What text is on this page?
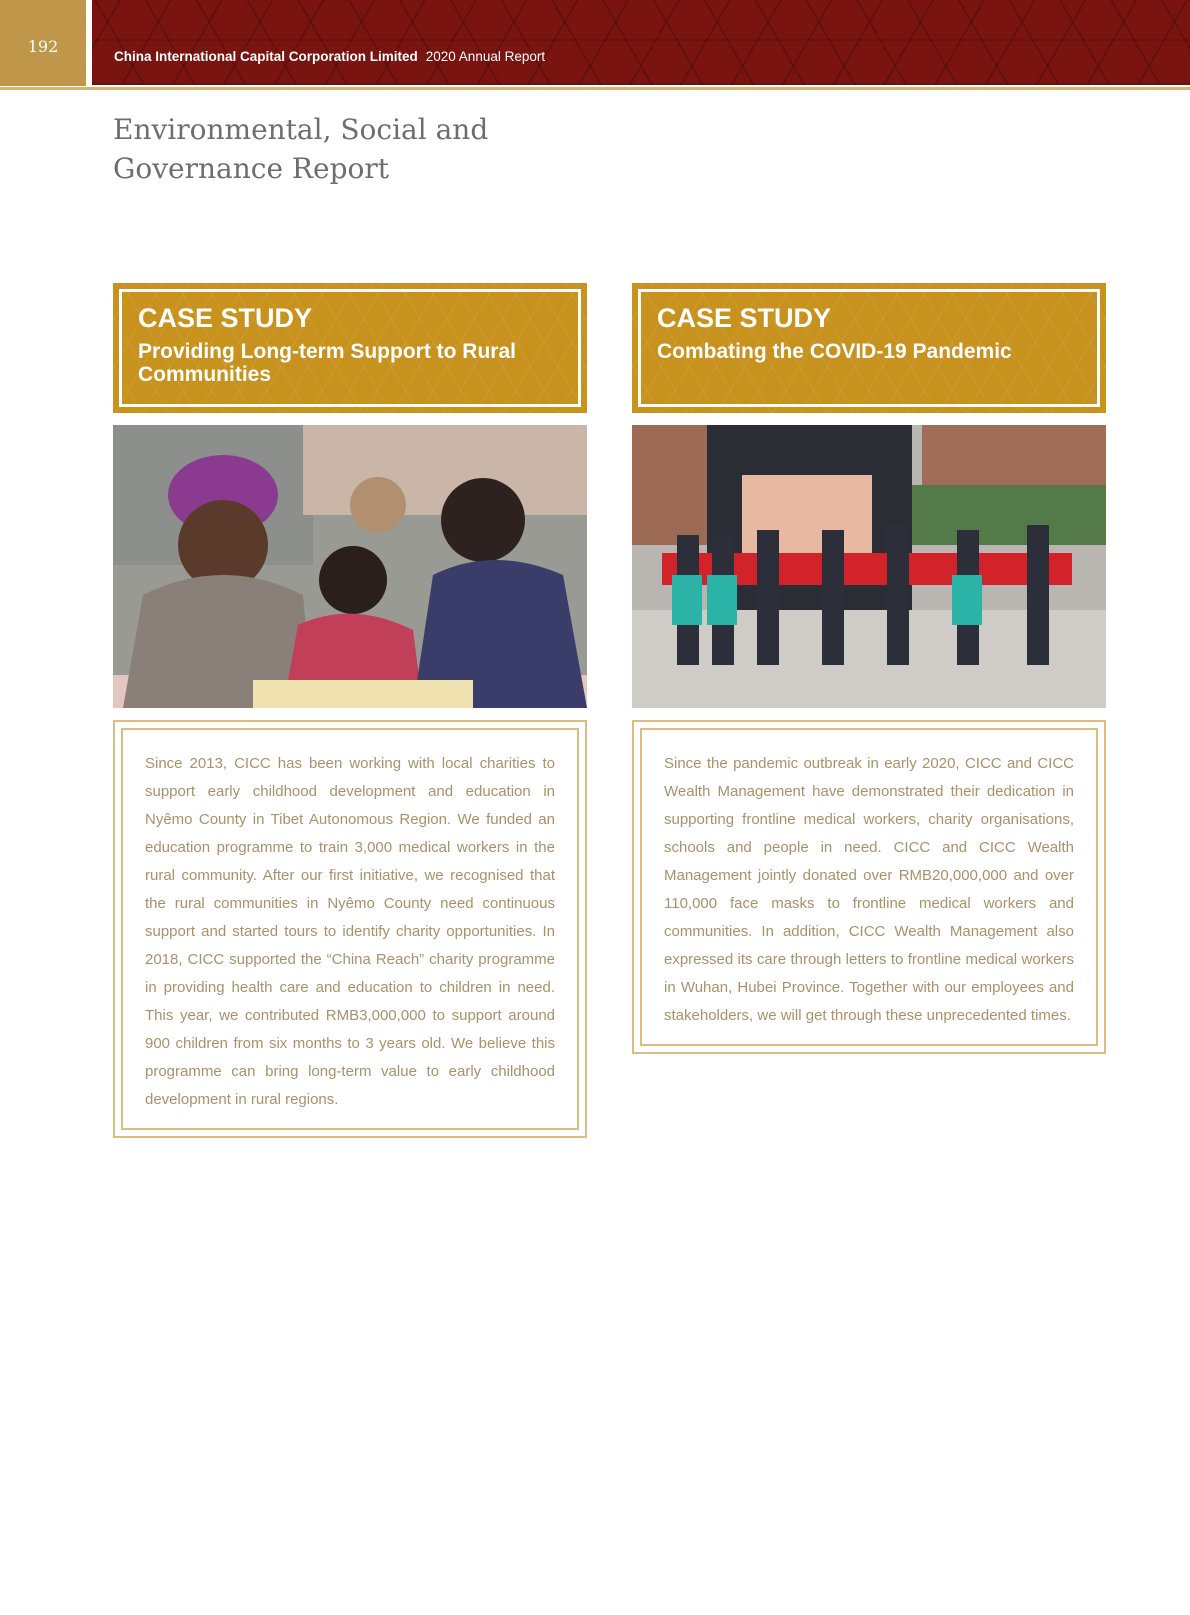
192
China International Capital Corporation Limited 2020 Annual Report
Environmental, Social and
Governance Report
CASE STUDY
Providing Long-term Support to Rural Communities
Since 2013, CICC has been working with local charities to support early childhood development and education in Nyêmo County in Tibet Autonomous Region. We funded an education programme to train 3,000 medical workers in the rural community. After our first initiative, we recognised that the rural communities in Nyêmo County need continuous support and started tours to identify charity opportunities. In 2018, CICC supported the “China Reach” charity programme in providing health care and education to children in need. This year, we contributed RMB3,000,000 to support around 900 children from six months to 3 years old. We believe this programme can bring long-term value to early childhood development in rural regions.
CASE STUDY
Combating the COVID-19 Pandemic
Since the pandemic outbreak in early 2020, CICC and CICC Wealth Management have demonstrated their dedication in supporting frontline medical workers, charity organisations, schools and people in need. CICC and CICC Wealth Management jointly donated over RMB20,000,000 and over 110,000 face masks to frontline medical workers and communities. In addition, CICC Wealth Management also expressed its care through letters to frontline medical workers in Wuhan, Hubei Province. Together with our employees and stakeholders, we will get through these unprecedented times.
